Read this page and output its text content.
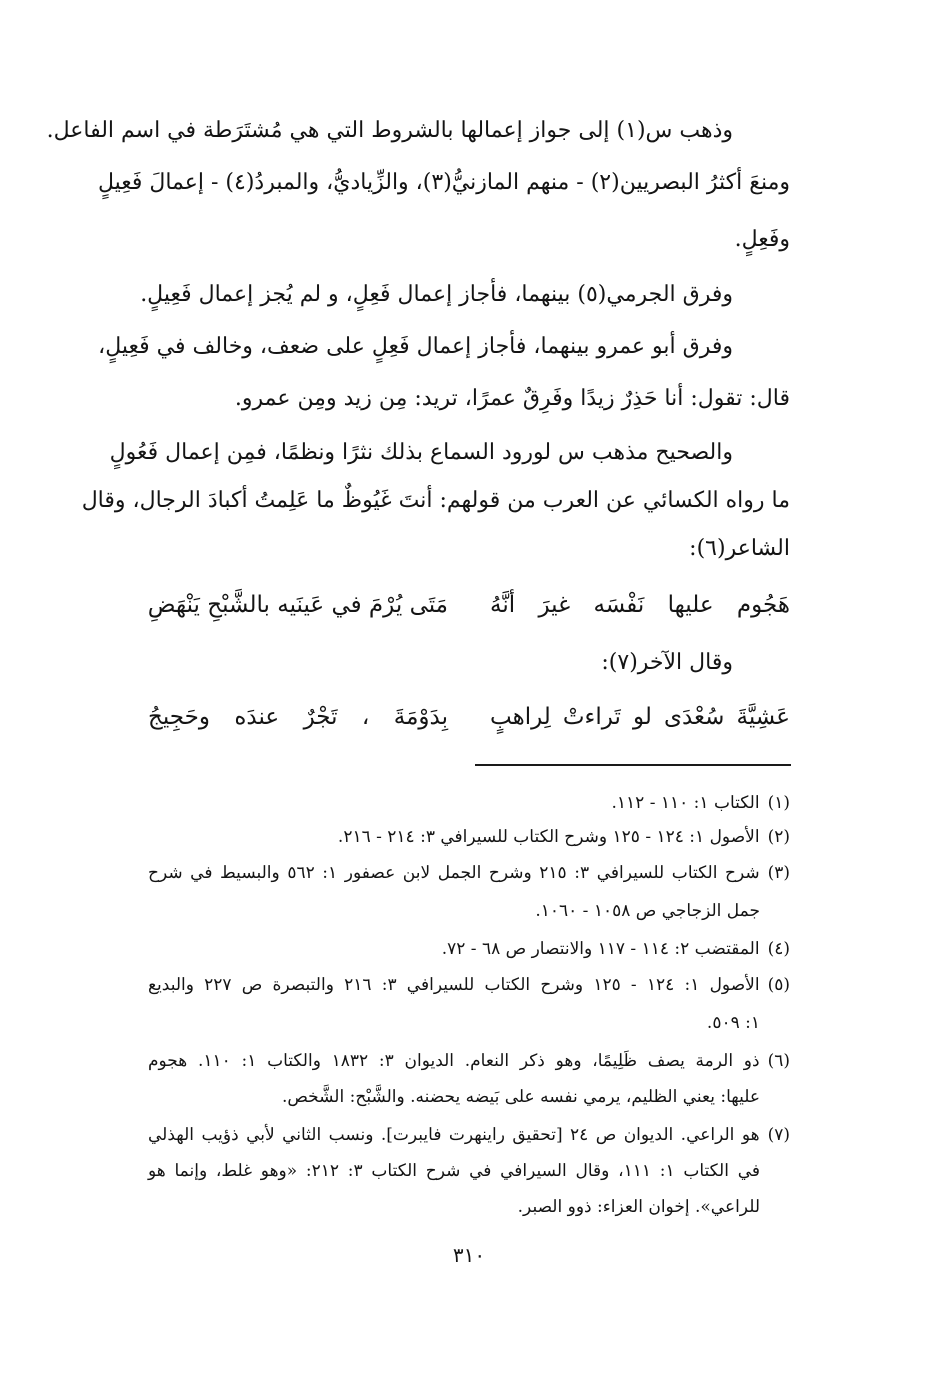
وذهب س(١) إلى جواز إعمالها بالشروط التي هي مُشتَرَطة في اسم الفاعل.
ومنعَ أكثرُ البصريين(٢) - منهم المازنيُّ(٣)، والزِّياديُّ، والمبردُ(٤) - إعمالَ فَعِيلٍ
وفَعِلٍ.
وفرق الجرمي(٥) بينهما، فأجاز إعمال فَعِلٍ، و لم يُجز إعمال فَعِيلٍ.
وفرق أبو عمرو بينهما، فأجاز إعمال فَعِلٍ على ضعف، وخالف في فَعِيلٍ،
قال: تقول: أنا حَذِرٌ زيدًا وفَرِقٌ عمرًا، تريد: مِن زيد ومِن عمرو.
والصحيح مذهب س لورود السماع بذلك نثرًا ونظمًا، فمِن إعمال فَعُولٍ
ما رواه الكسائي عن العرب من قولهم: أنتَ غَيُوظٌ ما عَلِمتُ أكبادَ الرجال، وقال
الشاعر(٦):
هَجُوم عليها نَفْسَه غيرَ أنَّهُ
مَتَى يُرْمَ في عَينَيه بالشَّبْحِ يَنْهَضِ
وقال الآخر(٧):
عَشِيَّةَ سُعْدَى لو تَراءتْ لِراهبٍ
بِدَوْمَةَ ، تَجْرٌ عندَه وحَجِيجُ
(١)الكتاب ١: ١١٠ - ١١٢.
(٢)الأصول ١: ١٢٤ - ١٢٥ وشرح الكتاب للسيرافي ٣: ٢١٤ - ٢١٦.
(٣)شرح الكتاب للسيرافي ٣: ٢١٥ وشرح الجمل لابن عصفور ١: ٥٦٢ والبسيط في شرح
جمل الزجاجي ص ١٠٥٨ - ١٠٦٠.
(٤)المقتضب ٢: ١١٤ - ١١٧ والانتصار ص ٦٨ - ٧٢.
(٥)الأصول ١: ١٢٤ - ١٢٥ وشرح الكتاب للسيرافي ٣: ٢١٦ والتبصرة ص ٢٢٧ والبديع
١: ٥٠٩.
(٦)ذو الرمة يصف ظَلِيمًا، وهو ذكر النعام. الديوان ٣: ١٨٣٢ والكتاب ١: ١١٠. هجوم
عليها: يعني الظليم، يرمي نفسه على بَيضه يحضنه. والشَّبْح: الشَّخص.
(٧)هو الراعي. الديوان ص ٢٤ [تحقيق راينهرت فايبرت]. ونسب الثاني لأبي ذؤيب الهذلي
في الكتاب ١: ١١١، وقال السيرافي في شرح الكتاب ٣: ٢١٢: «وهو غلط، وإنما هو
للراعي». إخوان العزاء: ذوو الصبر.
٣١٠
